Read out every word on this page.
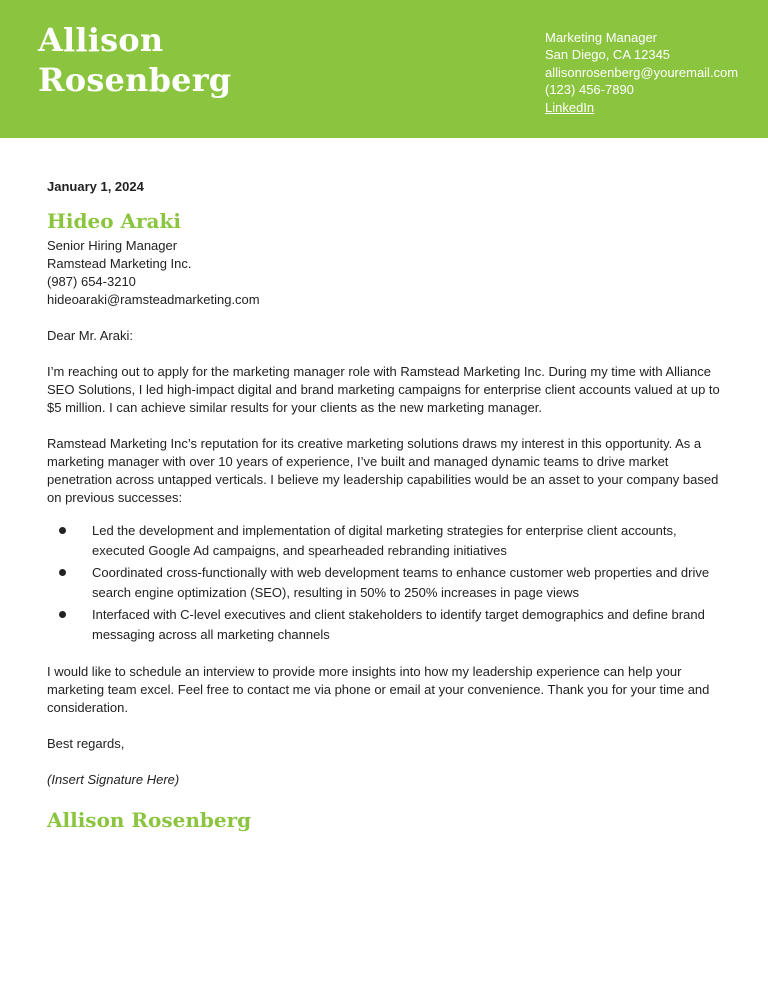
Allison
Rosenberg
Marketing Manager
San Diego, CA 12345
allisonrosenberg@youremail.com
(123) 456-7890
LinkedIn
January 1, 2024
Hideo Araki
Senior Hiring Manager
Ramstead Marketing Inc.
(987) 654-3210
hideoaraki@ramsteadmarketing.com

Dear Mr. Araki:

I’m reaching out to apply for the marketing manager role with Ramstead Marketing Inc. During my time with Alliance SEO Solutions, I led high-impact digital and brand marketing campaigns for enterprise client accounts valued at up to $5 million. I can achieve similar results for your clients as the new marketing manager.

Ramstead Marketing Inc’s reputation for its creative marketing solutions draws my interest in this opportunity. As a marketing manager with over 10 years of experience, I’ve built and managed dynamic teams to drive market penetration across untapped verticals. I believe my leadership capabilities would be an asset to your company based on previous successes:

Led the development and implementation of digital marketing strategies for enterprise client accounts, executed Google Ad campaigns, and spearheaded rebranding initiatives
Coordinated cross-functionally with web development teams to enhance customer web properties and drive search engine optimization (SEO), resulting in 50% to 250% increases in page views
Interfaced with C-level executives and client stakeholders to identify target demographics and define brand messaging across all marketing channels

I would like to schedule an interview to provide more insights into how my leadership experience can help your marketing team excel. Feel free to contact me via phone or email at your convenience. Thank you for your time and consideration.

Best regards,

(Insert Signature Here)

Allison Rosenberg
